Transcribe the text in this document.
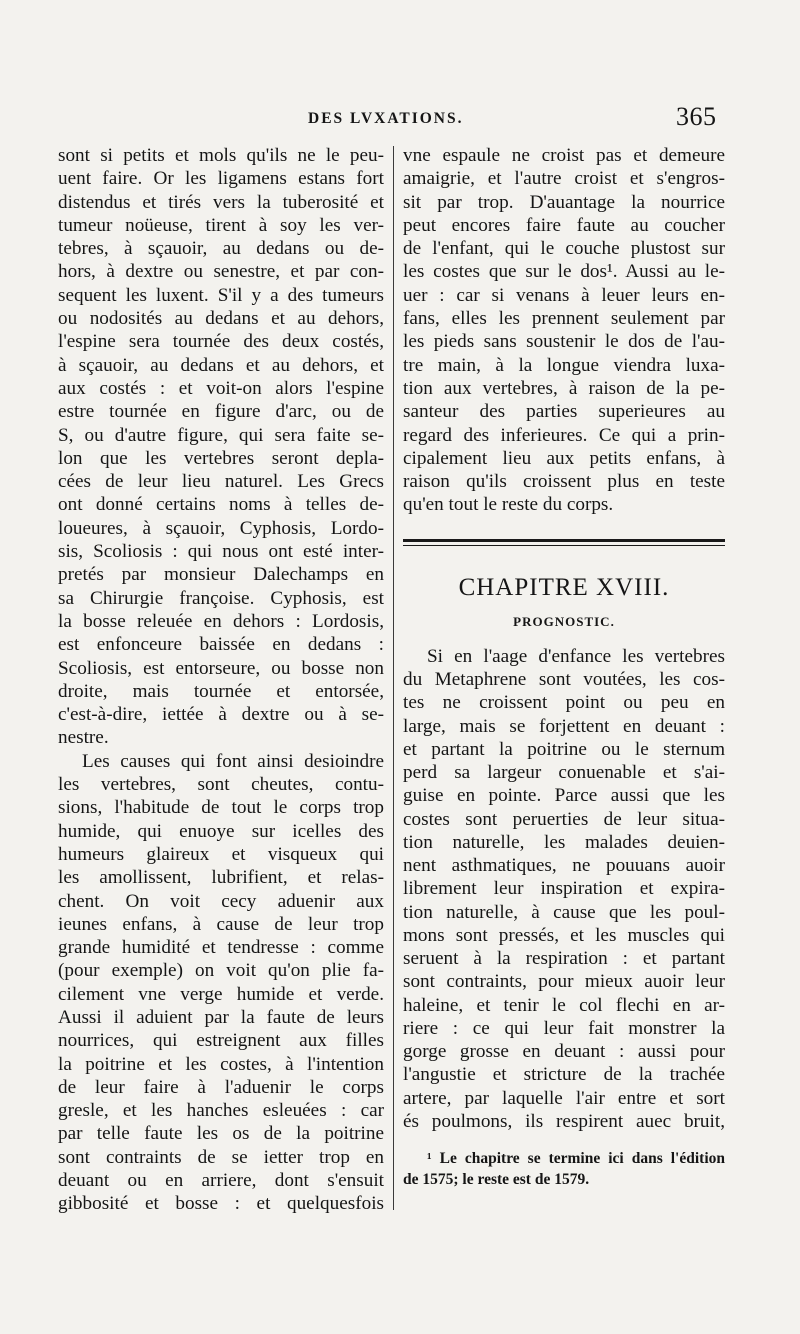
DES LVXATIONS.	365
sont si petits et mols qu'ils ne le peu-
uent faire. Or les ligamens estans fort
distendus et tirés vers la tuberosité et
tumeur noüeuse, tirent à soy les ver-
tebres, à sçauoir, au dedans ou de-
hors, à dextre ou senestre, et par con-
sequent les luxent. S'il y a des tumeurs
ou nodosités au dedans et au dehors,
l'espine sera tournée des deux costés,
à sçauoir, au dedans et au dehors, et
aux costés : et voit-on alors l'espine
estre tournée en figure d'arc, ou de
S, ou d'autre figure, qui sera faite se-
lon que les vertebres seront depla-
cées de leur lieu naturel. Les Grecs
ont donné certains noms à telles de-
loueures, à sçauoir, Cyphosis, Lordo-
sis, Scoliosis : qui nous ont esté inter-
pretés par monsieur Dalechamps en
sa Chirurgie françoise. Cyphosis, est
la bosse releuée en dehors : Lordosis,
est enfonceure baissée en dedans :
Scoliosis, est entorseure, ou bosse non
droite, mais tournée et entorsée,
c'est-à-dire, iettée à dextre ou à se-
nestre.
Les causes qui font ainsi desioindre
les vertebres, sont cheutes, contu-
sions, l'habitude de tout le corps trop
humide, qui enuoye sur icelles des
humeurs glaireux et visqueux qui
les amollissent, lubrifient, et relas-
chent. On voit cecy aduenir aux
ieunes enfans, à cause de leur trop
grande humidité et tendresse : comme
(pour exemple) on voit qu'on plie fa-
cilement vne verge humide et verde.
Aussi il aduient par la faute de leurs
nourrices, qui estreignent aux filles
la poitrine et les costes, à l'intention
de leur faire à l'aduenir le corps
gresle, et les hanches esleuées : car
par telle faute les os de la poitrine
sont contraints de se ietter trop en
deuant ou en arriere, dont s'ensuit
gibbosité et bosse : et quelquesfois
vne espaule ne croist pas et demeure
amaigrie, et l'autre croist et s'engros-
sit par trop. D'auantage la nourrice
peut encores faire faute au coucher
de l'enfant, qui le couche plustost sur
les costes que sur le dos¹. Aussi au le-
uer : car si venans à leuer leurs en-
fans, elles les prennent seulement par
les pieds sans soustenir le dos de l'au-
tre main, à la longue viendra luxa-
tion aux vertebres, à raison de la pe-
santeur des parties superieures au
regard des inferieures. Ce qui a prin-
cipalement lieu aux petits enfans, à
raison qu'ils croissent plus en teste
qu'en tout le reste du corps.
CHAPITRE XVIII.
PROGNOSTIC.
Si en l'aage d'enfance les vertebres
du Metaphrene sont voutées, les cos-
tes ne croissent point ou peu en
large, mais se forjettent en deuant :
et partant la poitrine ou le sternum
perd sa largeur conuenable et s'ai-
guise en pointe. Parce aussi que les
costes sont peruerties de leur situa-
tion naturelle, les malades deuien-
nent asthmatiques, ne pouuans auoir
librement leur inspiration et expira-
tion naturelle, à cause que les poul-
mons sont pressés, et les muscles qui
seruent à la respiration : et partant
sont contraints, pour mieux auoir leur
haleine, et tenir le col flechi en ar-
riere : ce qui leur fait monstrer la
gorge grosse en deuant : aussi pour
l'angustie et stricture de la trachée
artere, par laquelle l'air entre et sort
és poulmons, ils respirent auec bruit,
¹ Le chapitre se termine ici dans l'édition
de 1575; le reste est de 1579.
